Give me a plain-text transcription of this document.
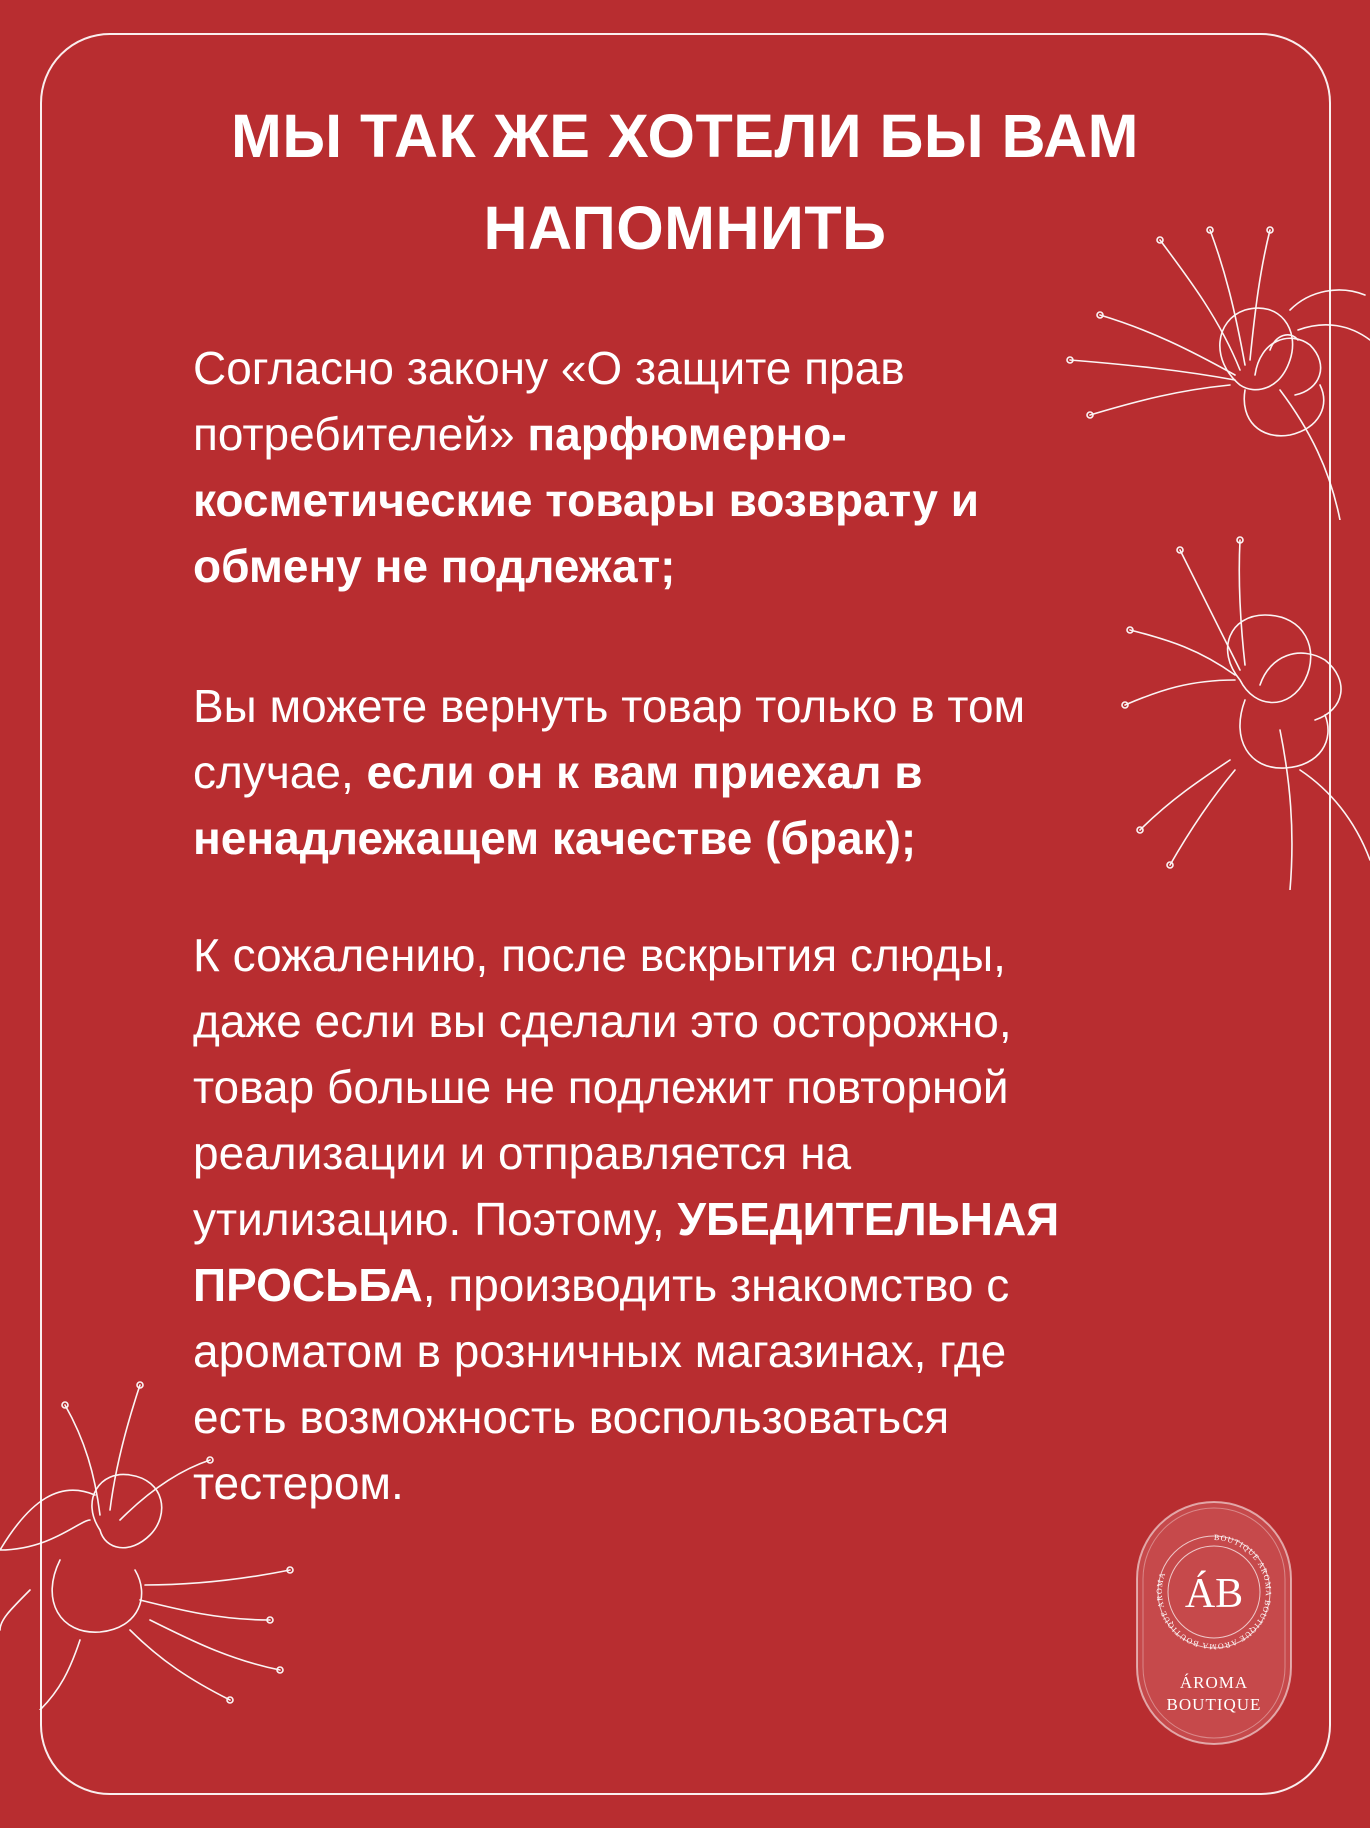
МЫ ТАК ЖЕ ХОТЕЛИ БЫ ВАМ
НАПОМНИТЬ

Согласно закону «О защите прав
потребителей» парфюмерно-
косметические товары возврату и
обмену не подлежат;

Вы можете вернуть товар только в том
случае, если он к вам приехал в
ненадлежащем качестве (брак);

К сожалению, после вскрытия слюды,
даже если вы сделали это осторожно,
товар больше не подлежит повторной
реализации и отправляется на
утилизацию. Поэтому, УБЕДИТЕЛЬНАЯ
ПРОСЬБА, производить знакомство с
ароматом в розничных магазинах, где
есть возможность воспользоваться
тестером.

BOUTIQUE AROMA BOUTIQUE AROMA BOUTIQUE AROMA ÁB
ÁROMA
BOUTIQUE
